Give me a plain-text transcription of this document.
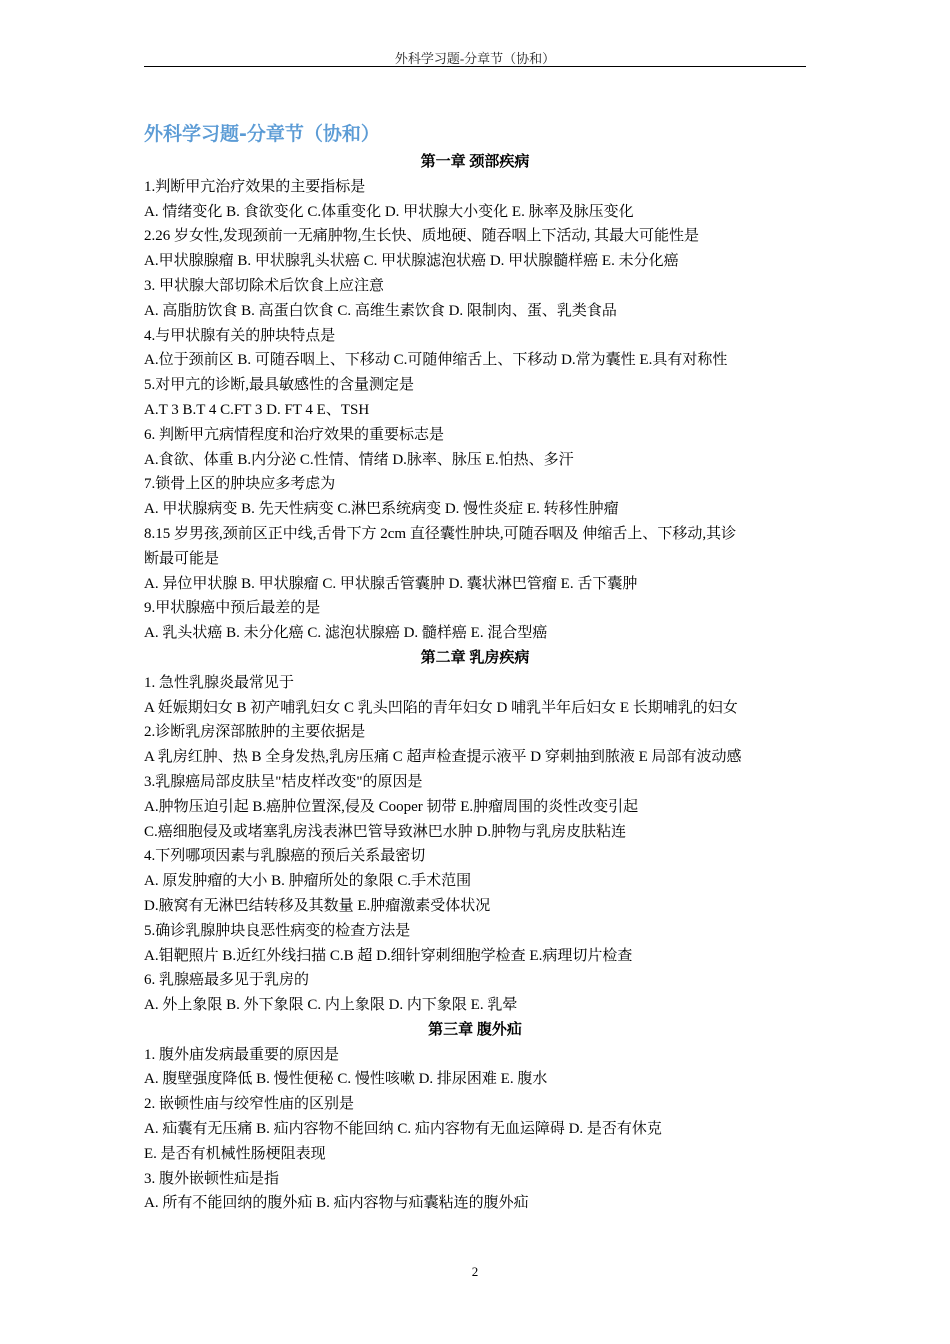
外科学习题-分章节（协和）
外科学习题-分章节（协和）
第一章 颈部疾病
1.判断甲亢治疗效果的主要指标是
A. 情绪变化 B. 食欲变化 C.体重变化 D. 甲状腺大小变化 E. 脉率及脉压变化
2.26 岁女性,发现颈前一无痛肿物,生长快、质地硬、随吞咽上下活动, 其最大可能性是
A.甲状腺腺瘤 B. 甲状腺乳头状癌 C. 甲状腺滤泡状癌 D. 甲状腺髓样癌 E. 未分化癌
3. 甲状腺大部切除术后饮食上应注意
A. 高脂肪饮食 B. 高蛋白饮食 C. 高维生素饮食 D. 限制肉、蛋、乳类食品
4.与甲状腺有关的肿块特点是
A.位于颈前区 B. 可随吞咽上、下移动 C.可随伸缩舌上、下移动 D.常为囊性 E.具有对称性
5.对甲亢的诊断,最具敏感性的含量测定是
A.T 3 B.T 4 C.FT 3 D. FT 4 E、TSH
6. 判断甲亢病情程度和治疗效果的重要标志是
A.食欲、体重 B.内分泌 C.性情、情绪 D.脉率、脉压 E.怕热、多汗
7.锁骨上区的肿块应多考虑为
A. 甲状腺病变 B. 先天性病变 C.淋巴系统病变 D. 慢性炎症 E. 转移性肿瘤
8.15 岁男孩,颈前区正中线,舌骨下方 2cm 直径囊性肿块,可随吞咽及 伸缩舌上、下移动,其诊
断最可能是
A. 异位甲状腺 B. 甲状腺瘤 C. 甲状腺舌管囊肿 D. 囊状淋巴管瘤 E. 舌下囊肿
9.甲状腺癌中预后最差的是
A. 乳头状癌 B. 未分化癌 C. 滤泡状腺癌 D. 髓样癌 E. 混合型癌
第二章 乳房疾病
1. 急性乳腺炎最常见于
A 妊娠期妇女 B 初产哺乳妇女 C 乳头凹陷的青年妇女 D 哺乳半年后妇女 E 长期哺乳的妇女
2.诊断乳房深部脓肿的主要依据是
A 乳房红肿、热 B 全身发热,乳房压痛 C 超声检查提示液平 D 穿刺抽到脓液 E 局部有波动感
3.乳腺癌局部皮肤呈"桔皮样改变"的原因是
A.肿物压迫引起 B.癌肿位置深,侵及 Cooper 韧带 E.肿瘤周围的炎性改变引起
C.癌细胞侵及或堵塞乳房浅表淋巴管导致淋巴水肿 D.肿物与乳房皮肤粘连
4.下列哪项因素与乳腺癌的预后关系最密切
A. 原发肿瘤的大小 B. 肿瘤所处的象限 C.手术范围
D.腋窝有无淋巴结转移及其数量 E.肿瘤激素受体状况
5.确诊乳腺肿块良恶性病变的检查方法是
A.钼靶照片 B.近红外线扫描 C.B 超 D.细针穿刺细胞学检查 E.病理切片检查
6. 乳腺癌最多见于乳房的
A. 外上象限 B. 外下象限 C. 内上象限 D. 内下象限 E. 乳晕
第三章 腹外疝
1. 腹外庙发病最重要的原因是
A. 腹壁强度降低 B. 慢性便秘 C. 慢性咳嗽 D. 排尿困难 E. 腹水
2. 嵌顿性庙与绞窄性庙的区别是
A. 疝囊有无压痛 B. 疝内容物不能回纳 C. 疝内容物有无血运障碍 D. 是否有休克
E. 是否有机械性肠梗阻表现
3. 腹外嵌顿性疝是指
A. 所有不能回纳的腹外疝 B. 疝内容物与疝囊粘连的腹外疝
2
